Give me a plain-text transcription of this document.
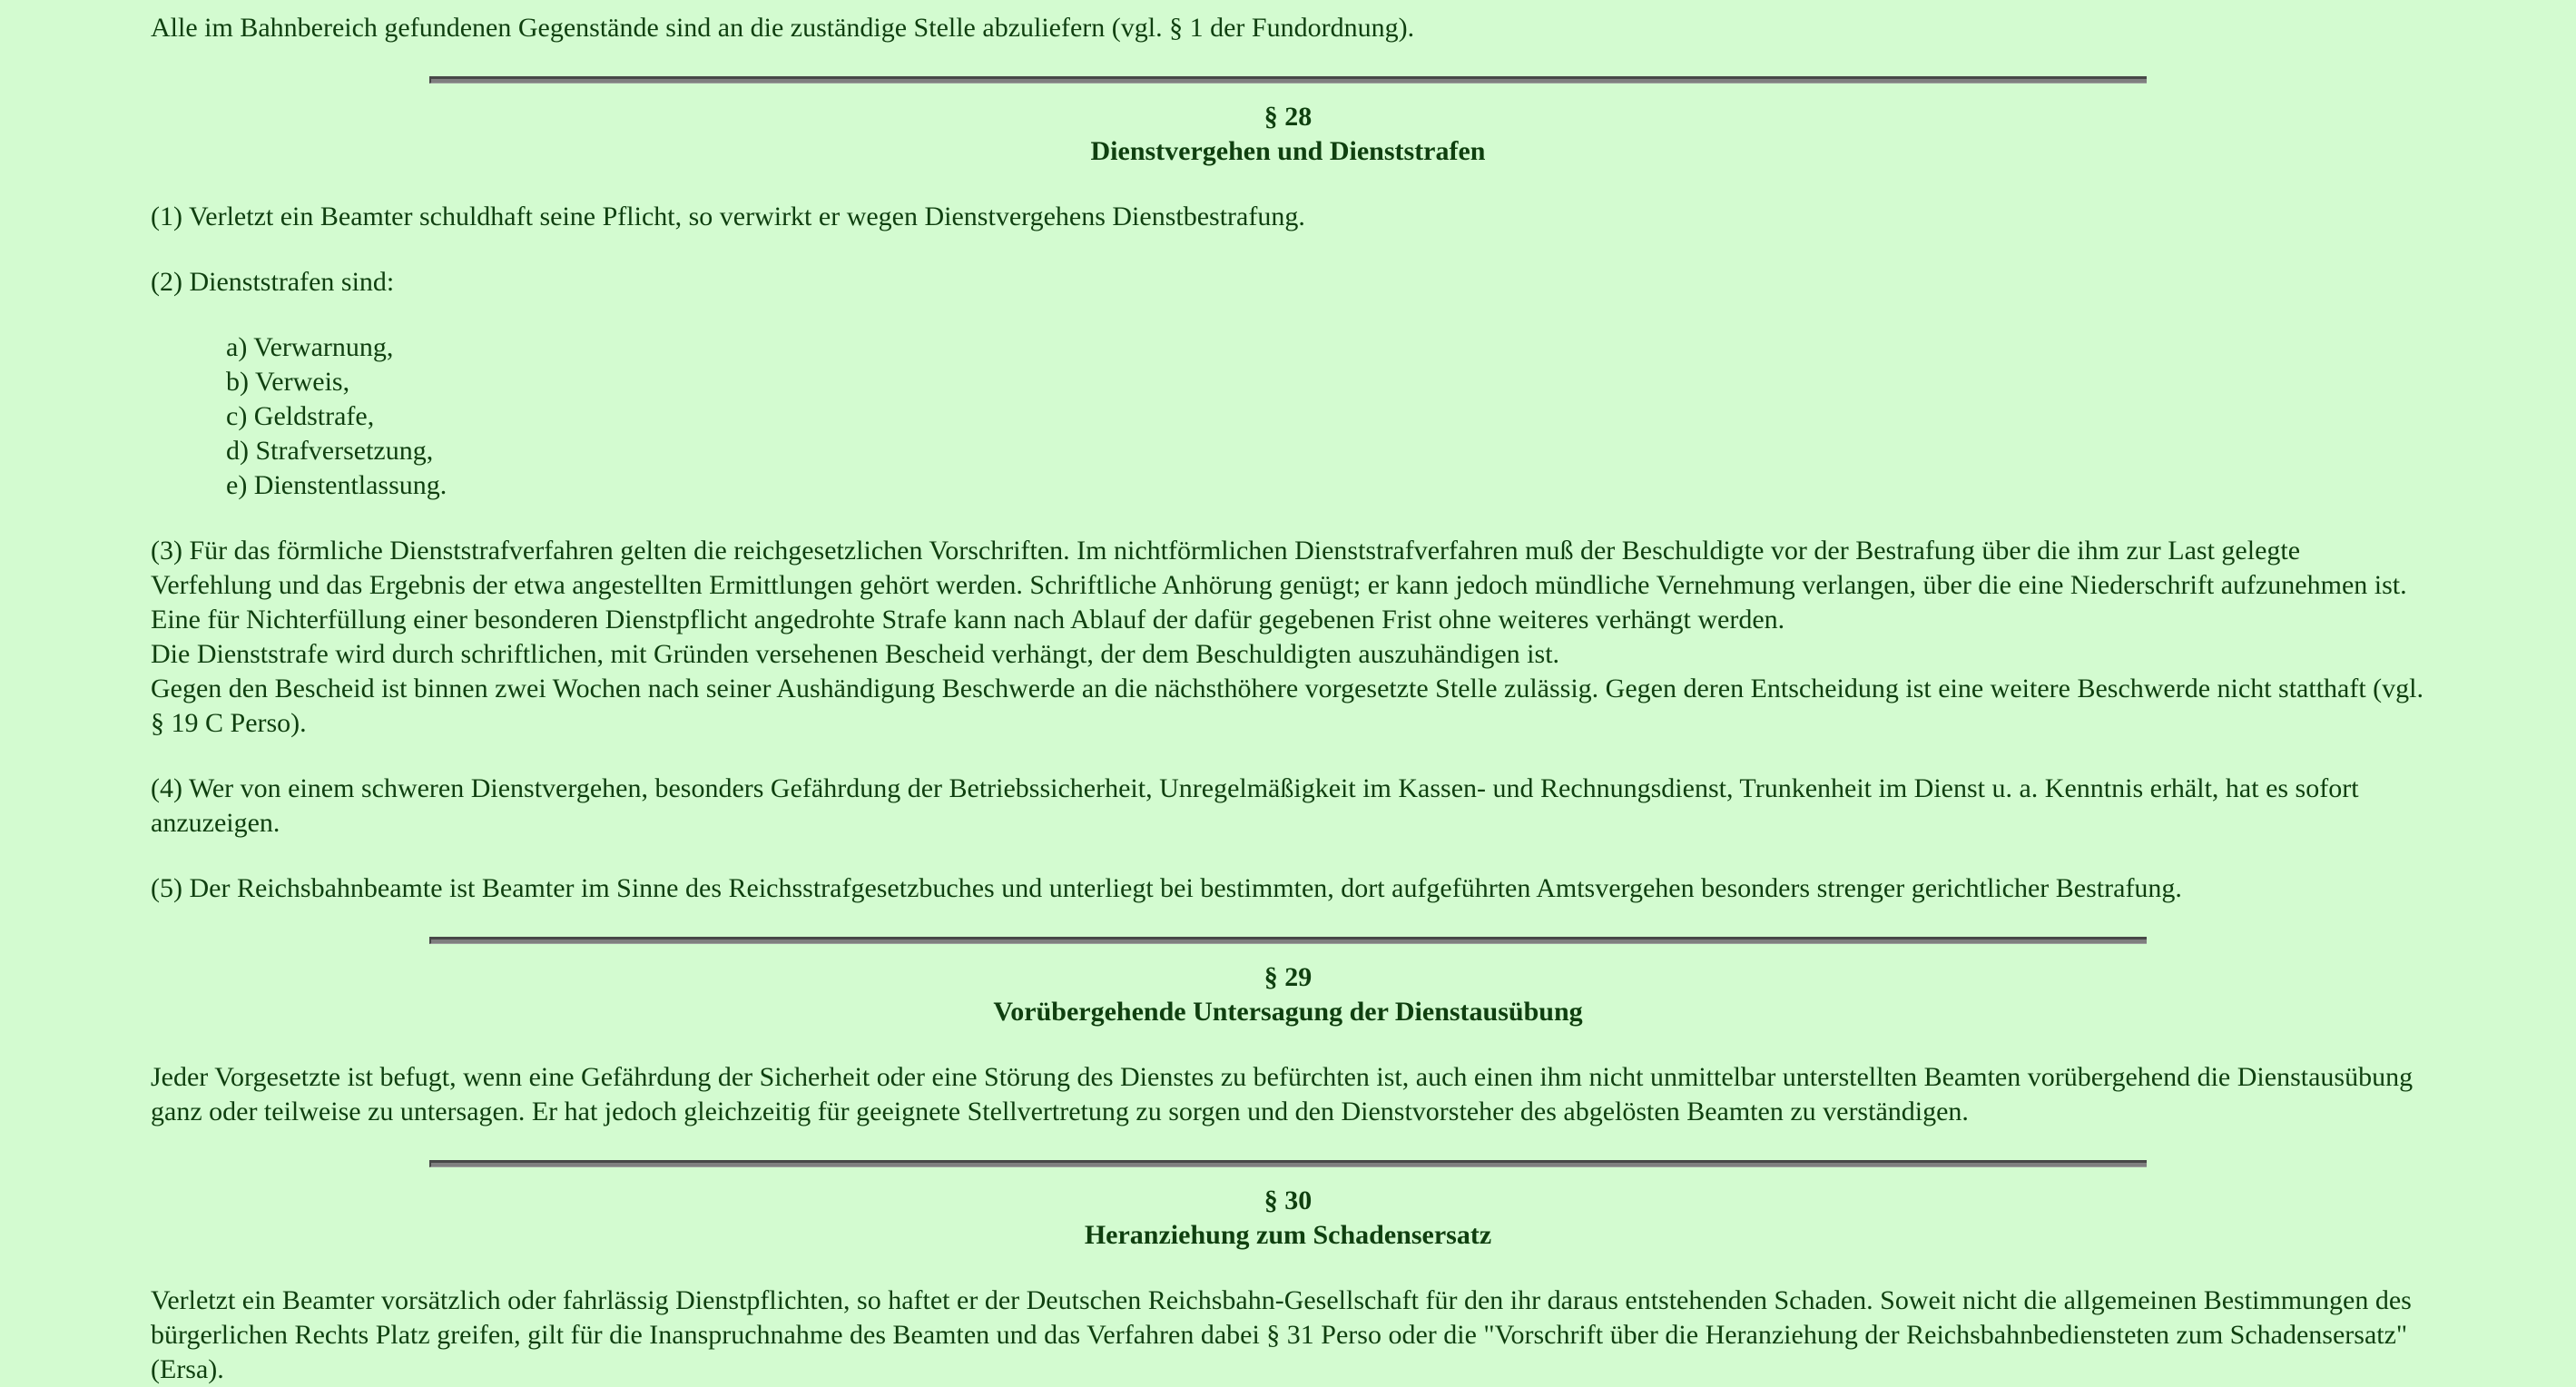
Alle im Bahnbereich gefundenen Gegenstände sind an die zuständige Stelle abzuliefern (vgl. § 1 der Fundordnung).

§ 28
Dienstvergehen und Dienststrafen

(1) Verletzt ein Beamter schuldhaft seine Pflicht, so verwirkt er wegen Dienstvergehens Dienstbestrafung.

(2) Dienststrafen sind:

a) Verwarnung,
b) Verweis,
c) Geldstrafe,
d) Strafversetzung,
e) Dienstentlassung.
(3) Für das förmliche Dienststrafverfahren gelten die reichgesetzlichen Vorschriften. Im nichtförmlichen Dienststrafverfahren muß der Beschuldigte vor der Bestrafung über die ihm zur Last gelegte Verfehlung und das Ergebnis der etwa angestellten Ermittlungen gehört werden. Schriftliche Anhörung genügt; er kann jedoch mündliche Vernehmung verlangen, über die eine Niederschrift aufzunehmen ist. Eine für Nichterfüllung einer besonderen Dienstpflicht angedrohte Strafe kann nach Ablauf der dafür gegebenen Frist ohne weiteres verhängt werden.
Die Dienststrafe wird durch schriftlichen, mit Gründen versehenen Bescheid verhängt, der dem Beschuldigten auszuhändigen ist.
Gegen den Bescheid ist binnen zwei Wochen nach seiner Aushändigung Beschwerde an die nächsthöhere vorgesetzte Stelle zulässig. Gegen deren Entscheidung ist eine weitere Beschwerde nicht statthaft (vgl. § 19 C Perso).

(4) Wer von einem schweren Dienstvergehen, besonders Gefährdung der Betriebssicherheit, Unregelmäßigkeit im Kassen- und Rechnungsdienst, Trunkenheit im Dienst u. a. Kenntnis erhält, hat es sofort anzuzeigen.

(5) Der Reichsbahnbeamte ist Beamter im Sinne des Reichsstrafgesetzbuches und unterliegt bei bestimmten, dort aufgeführten Amtsvergehen besonders strenger gerichtlicher Bestrafung.

§ 29
Vorübergehende Untersagung der Dienstausübung

Jeder Vorgesetzte ist befugt, wenn eine Gefährdung der Sicherheit oder eine Störung des Dienstes zu befürchten ist, auch einen ihm nicht unmittelbar unterstellten Beamten vorübergehend die Dienstausübung ganz oder teilweise zu untersagen. Er hat jedoch gleichzeitig für geeignete Stellvertretung zu sorgen und den Dienstvorsteher des abgelösten Beamten zu verständigen.

§ 30
Heranziehung zum Schadensersatz

Verletzt ein Beamter vorsätzlich oder fahrlässig Dienstpflichten, so haftet er der Deutschen Reichsbahn-Gesellschaft für den ihr daraus entstehenden Schaden. Soweit nicht die allgemeinen Bestimmungen des bürgerlichen Rechts Platz greifen, gilt für die Inanspruchnahme des Beamten und das Verfahren dabei § 31 Perso oder die "Vorschrift über die Heranziehung der Reichsbahnbediensteten zum Schadensersatz" (Ersa).
